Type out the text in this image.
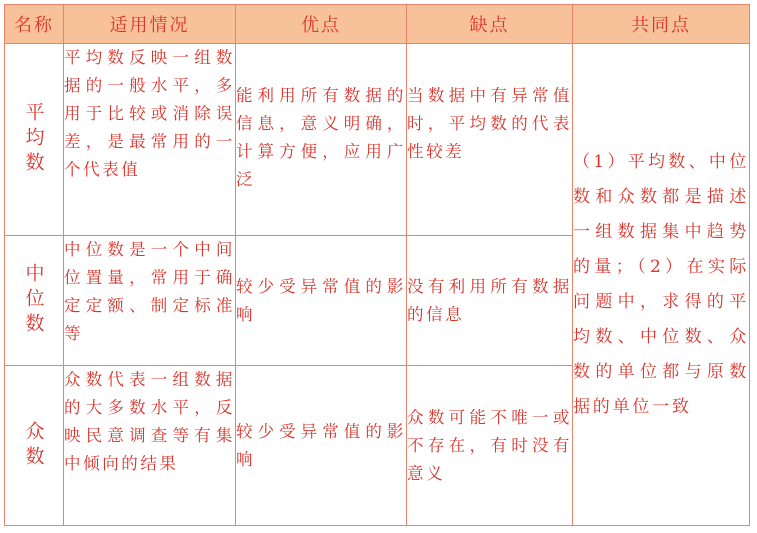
名称	适用情况	优点	缺点	共同点
平均数	平均数反映一组数据的一般水平，多用于比较或消除误差，是最常用的一个代表值	能利用所有数据的信息，意义明确，计算方便，应用广泛	当数据中有异常值时，平均数的代表性较差	（1）平均数、中位数和众数都是描述一组数据集中趋势的量；（2）在实际问题中，求得的平均数、中位数、众数的单位都与原数据的单位一致
中位数	中位数是一个中间位置量，常用于确定定额、制定标准等	较少受异常值的影响	没有利用所有数据的信息	
众数	众数代表一组数据的大多数水平，反映民意调查等有集中倾向的结果	较少受异常值的影响	众数可能不唯一或不存在，有时没有意义	
